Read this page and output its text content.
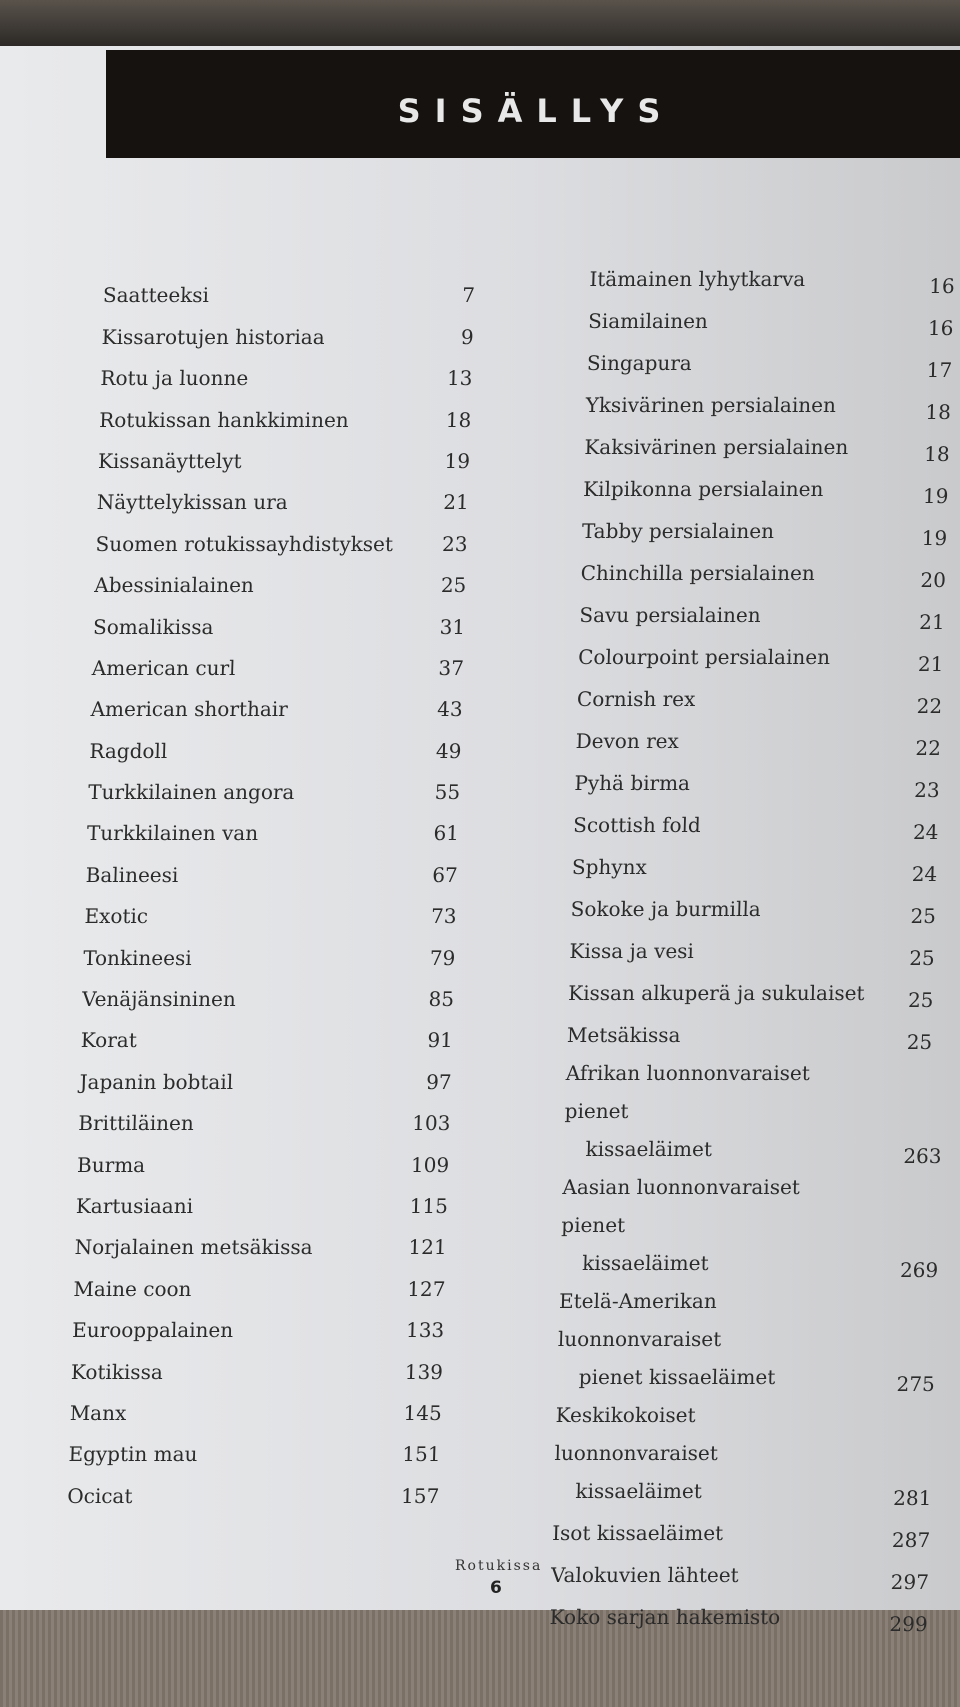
SISÄLLYS
Saatteeksi	7
Kissarotujen historiaa	9
Rotu ja luonne	13
Rotukissan hankkiminen	18
Kissanäyttelyt	19
Näyttelykissan ura	21
Suomen rotukissayhdistykset 23
Abessinialainen	25
Somalikissa	31
American curl	37
American shorthair	43
Ragdoll	49
Turkkilainen angora	55
Turkkilainen van	61
Balineesi	67
Exotic	73
Tonkineesi	79
Venäjänsininen	85
Korat	91
Japanin bobtail	97
Brittiläinen	103
Burma	109
Kartusiaani	115
Norjalainen metsäkissa	121
Maine coon	127
Eurooppalainen	133
Kotikissa	139
Manx	145
Egyptin mau	151
Ocicat	157
Itämainen lyhytkarva	16
Siamilainen	16
Singapura	17
Yksivärinen persialainen	18
Kaksivärinen persialainen	18
Kilpikonna persialainen	19
Tabby persialainen	19
Chinchilla persialainen	20
Savu persialainen	21
Colourpoint persialainen	21
Cornish rex	22
Devon rex	22
Pyhä birma	23
Scottish fold	24
Sphynx	24
Sokoke ja burmilla	25
Kissa ja vesi	25
Kissan alkuperä ja sukulaiset 25
Metsäkissa	25
Afrikan luonnonvaraiset pienet
kissaeläimet	263
Aasian luonnonvaraiset pienet
kissaeläimet	269
Etelä-Amerikan luonnonvaraiset
pienet kissaeläimet	275
Keskikokoiset luonnonvaraiset
kissaeläimet	281
Isot kissaeläimet	287
Valokuvien lähteet	297
Koko sarjan hakemisto	299
Rotukissa
6
